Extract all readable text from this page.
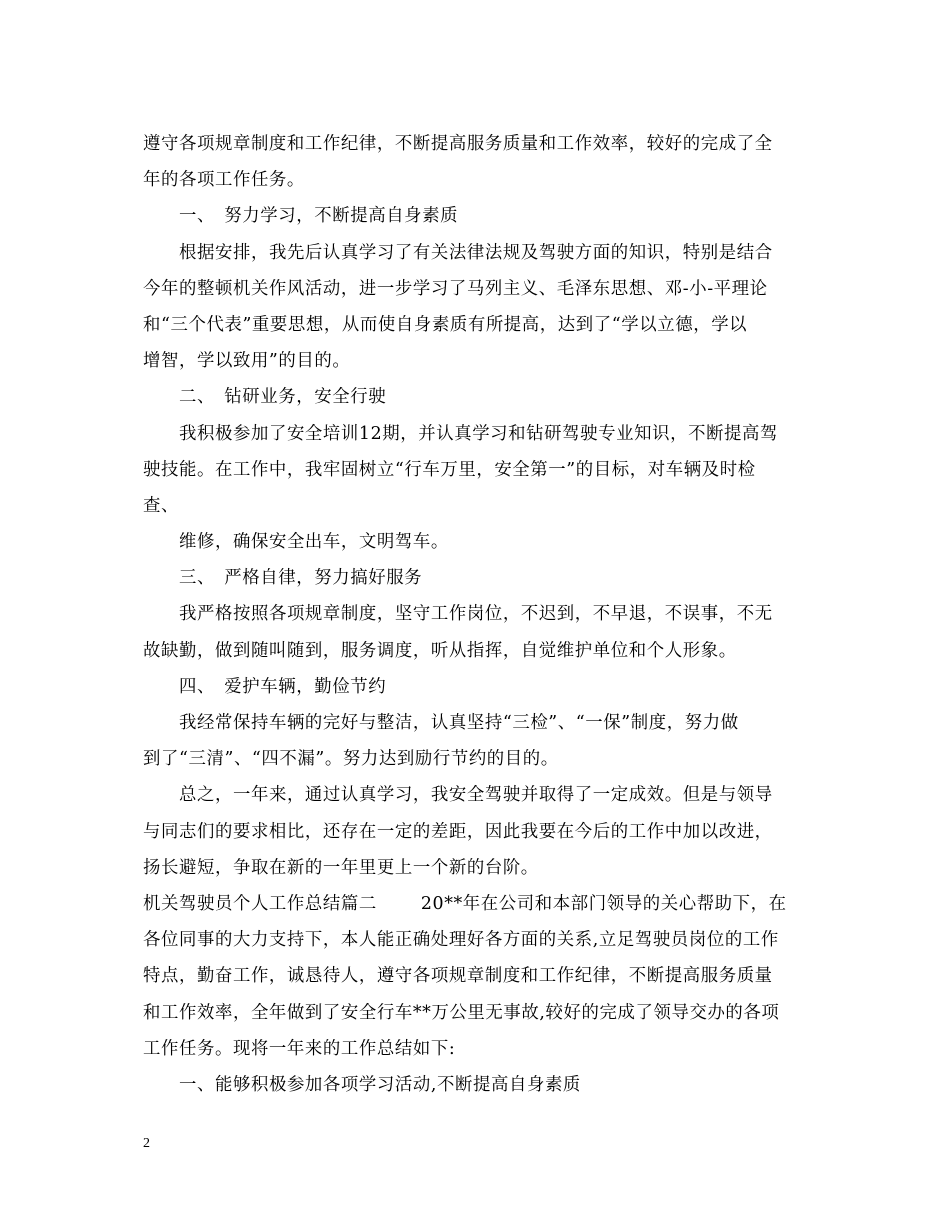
遵守各项规章制度和工作纪律，不断提高服务质量和工作效率，较好的完成了全
年的各项工作任务。
一、　努力学习，不断提高自身素质
根据安排，我先后认真学习了有关法律法规及驾驶方面的知识，特别是结合
今年的整顿机关作风活动，进一步学习了马列主义、毛泽东思想、邓-小-平理论
和“三个代表”重要思想，从而使自身素质有所提高，达到了“学以立德，学以
增智，学以致用”的目的。
二、　钻研业务，安全行驶
我积极参加了安全培训12期，并认真学习和钻研驾驶专业知识，不断提高驾
驶技能。在工作中，我牢固树立“行车万里，安全第一”的目标，对车辆及时检
查、
维修，确保安全出车，文明驾车。
三、　严格自律，努力搞好服务
我严格按照各项规章制度，坚守工作岗位，不迟到，不早退，不误事，不无
故缺勤，做到随叫随到，服务调度，听从指挥，自觉维护单位和个人形象。
四、　爱护车辆，勤俭节约
我经常保持车辆的完好与整洁，认真坚持“三检”、“一保”制度，努力做
到了“三清”、“四不漏”。努力达到励行节约的目的。
总之，一年来，通过认真学习，我安全驾驶并取得了一定成效。但是与领导
与同志们的要求相比，还存在一定的差距，因此我要在今后的工作中加以改进，
扬长避短，争取在新的一年里更上一个新的台阶。
机关驾驶员个人工作总结篇二	20**年在公司和本部门领导的关心帮助下，在
各位同事的大力支持下，本人能正确处理好各方面的关系,立足驾驶员岗位的工作
特点，勤奋工作，诚恳待人，遵守各项规章制度和工作纪律，不断提高服务质量
和工作效率，全年做到了安全行车**万公里无事故,较好的完成了领导交办的各项
工作任务。现将一年来的工作总结如下:
一、能够积极参加各项学习活动,不断提高自身素质
2
